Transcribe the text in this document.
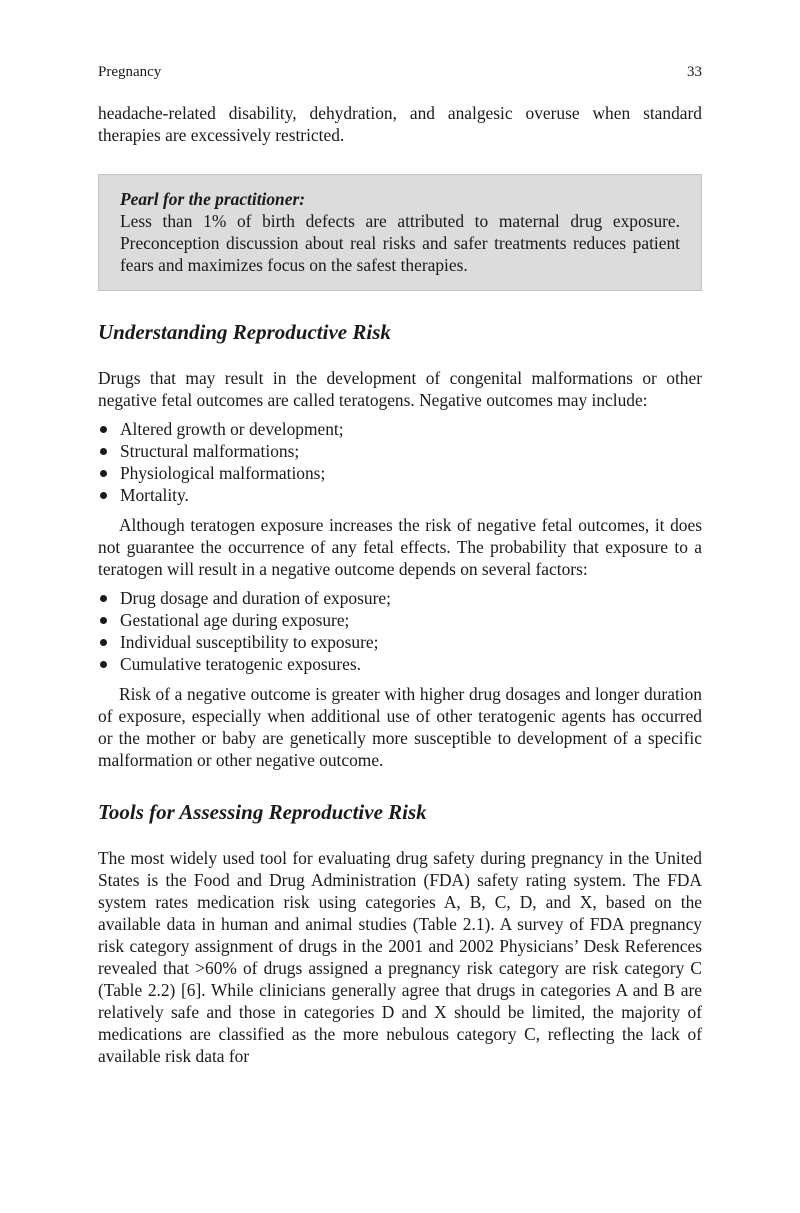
Pregnancy	33

headache-related disability, dehydration, and analgesic overuse when standard therapies are excessively restricted.

Pearl for the practitioner:

Less than 1% of birth defects are attributed to maternal drug exposure. Preconception discussion about real risks and safer treatments reduces patient fears and maximizes focus on the safest therapies.

Understanding Reproductive Risk

Drugs that may result in the development of congenital malformations or other negative fetal outcomes are called teratogens. Negative outcomes may include:

Altered growth or development;
Structural malformations;
Physiological malformations;
Mortality.

Although teratogen exposure increases the risk of negative fetal outcomes, it does not guarantee the occurrence of any fetal effects. The probability that exposure to a teratogen will result in a negative outcome depends on several factors:

Drug dosage and duration of exposure;
Gestational age during exposure;
Individual susceptibility to exposure;
Cumulative teratogenic exposures.

Risk of a negative outcome is greater with higher drug dosages and longer duration of exposure, especially when additional use of other teratogenic agents has occurred or the mother or baby are genetically more susceptible to development of a specific malformation or other negative outcome.

Tools for Assessing Reproductive Risk

The most widely used tool for evaluating drug safety during pregnancy in the United States is the Food and Drug Administration (FDA) safety rating system. The FDA system rates medication risk using categories A, B, C, D, and X, based on the available data in human and animal studies (Table 2.1). A survey of FDA pregnancy risk category assignment of drugs in the 2001 and 2002 Physicians’ Desk References revealed that >60% of drugs assigned a pregnancy risk category are risk category C (Table 2.2) [6]. While clinicians generally agree that drugs in categories A and B are relatively safe and those in categories D and X should be limited, the majority of medications are classified as the more nebulous category C, reflecting the lack of available risk data for
